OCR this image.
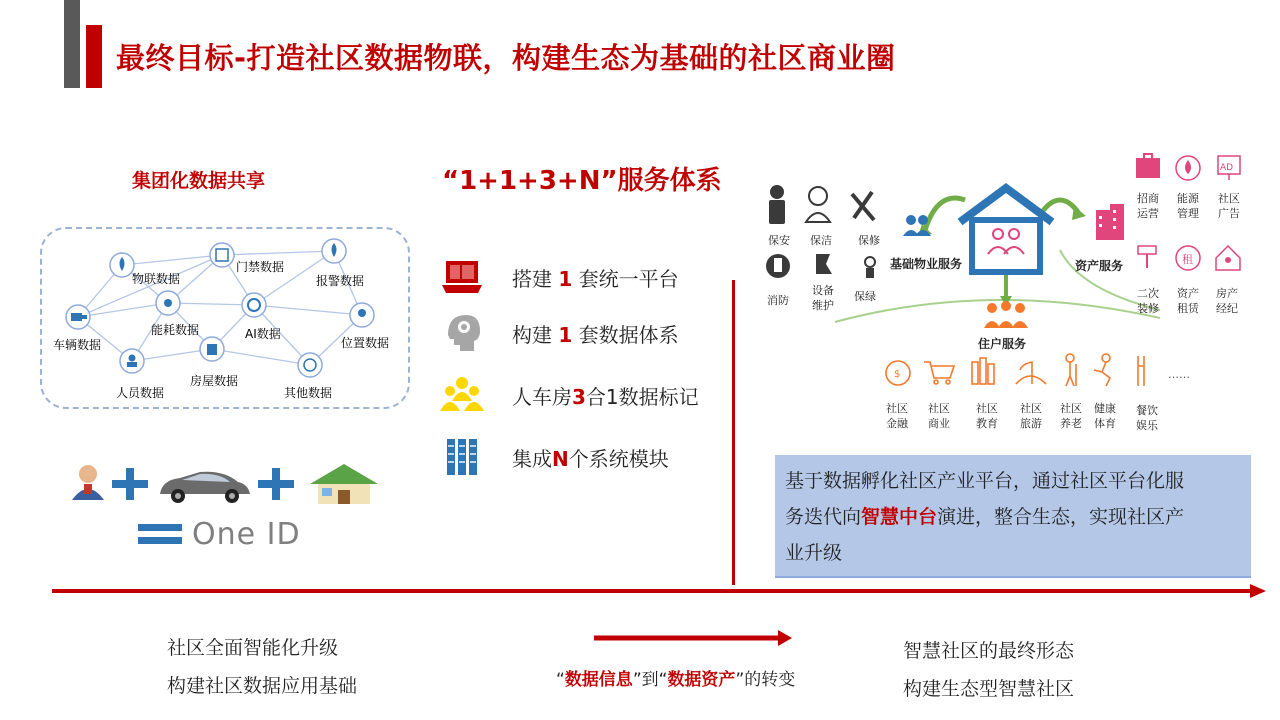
最终目标-打造社区数据物联，构建生态为基础的社区商业圈
集团化数据共享
物联数据
门禁数据
报警数据
车辆数据
能耗数据	AI数据
位置数据
人员数据
房屋数据
其他数据
One ID
“1+1+3+N”服务体系
搭建 1 套统一平台
构建 1 套数据体系
人车房3合1数据标记
集成N个系统模块
保安 保洁 保修
消防
设备
维护
保绿
基础物业服务	资产服务
AD
租
招商
运营
能源
管理
社区
广告
二次
装修
资产
租赁
房产
经纪
住户服务
$	……
社区
金融
社区
商业
社区
教育
社区
旅游
社区
养老
健康
体育
餐饮
娱乐
基于数据孵化社区产业平台，通过社区平台化服
务迭代向智慧中台演进，整合生态，实现社区产
业升级
社区全面智能化升级
构建社区数据应用基础	“数据信息”到“数据资产”的转变
智慧社区的最终形态
构建生态型智慧社区
